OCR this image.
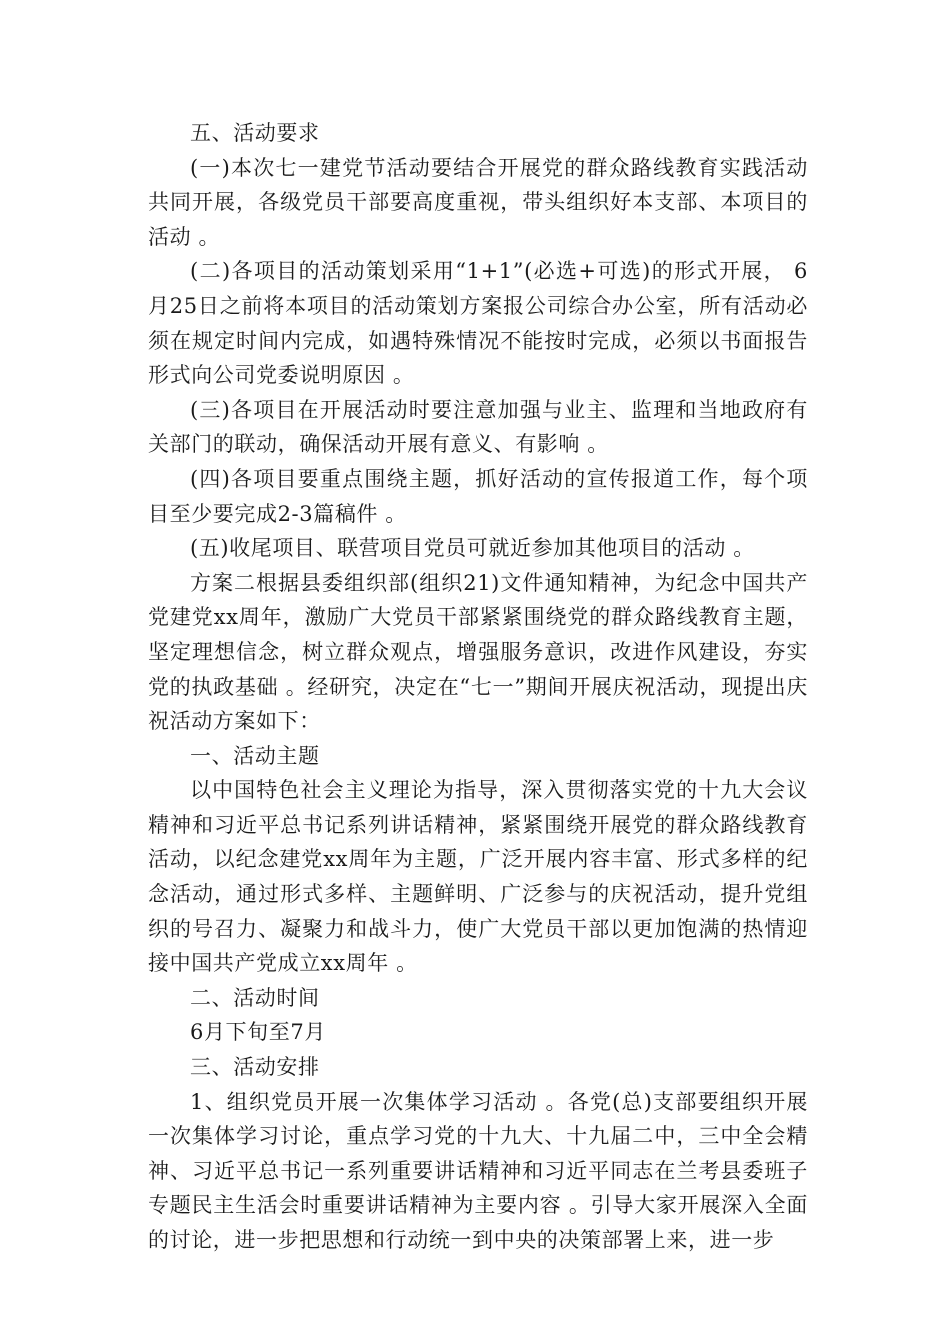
五、活动要求

(一)本次七一建党节活动要结合开展党的群众路线教育实践活动共同开展，各级党员干部要高度重视，带头组织好本支部、本项目的活动 。

(二)各项目的活动策划采用“1+1”(必选+可选)的形式开展， 6月25日之前将本项目的活动策划方案报公司综合办公室，所有活动必须在规定时间内完成，如遇特殊情况不能按时完成，必须以书面报告形式向公司党委说明原因 。

(三)各项目在开展活动时要注意加强与业主、监理和当地政府有关部门的联动，确保活动开展有意义、有影响 。

(四)各项目要重点围绕主题，抓好活动的宣传报道工作，每个项目至少要完成2-3篇稿件 。

(五)收尾项目、联营项目党员可就近参加其他项目的活动 。

方案二根据县委组织部(组织21)文件通知精神，为纪念中国共产党建党xx周年，激励广大党员干部紧紧围绕党的群众路线教育主题，坚定理想信念，树立群众观点，增强服务意识，改进作风建设，夯实党的执政基础 。经研究，决定在“七一”期间开展庆祝活动，现提出庆祝活动方案如下：

一、活动主题

以中国特色社会主义理论为指导，深入贯彻落实党的十九大会议精神和习近平总书记系列讲话精神，紧紧围绕开展党的群众路线教育活动，以纪念建党xx周年为主题，广泛开展内容丰富、形式多样的纪念活动，通过形式多样、主题鲜明、广泛参与的庆祝活动，提升党组织的号召力、凝聚力和战斗力，使广大党员干部以更加饱满的热情迎接中国共产党成立xx周年 。

二、活动时间

6月下旬至7月

三、活动安排

1、组织党员开展一次集体学习活动 。各党(总)支部要组织开展一次集体学习讨论，重点学习党的十九大、十九届二中，三中全会精神、习近平总书记一系列重要讲话精神和习近平同志在兰考县委班子专题民主生活会时重要讲话精神为主要内容 。引导大家开展深入全面的讨论，进一步把思想和行动统一到中央的决策部署上来，进一步
